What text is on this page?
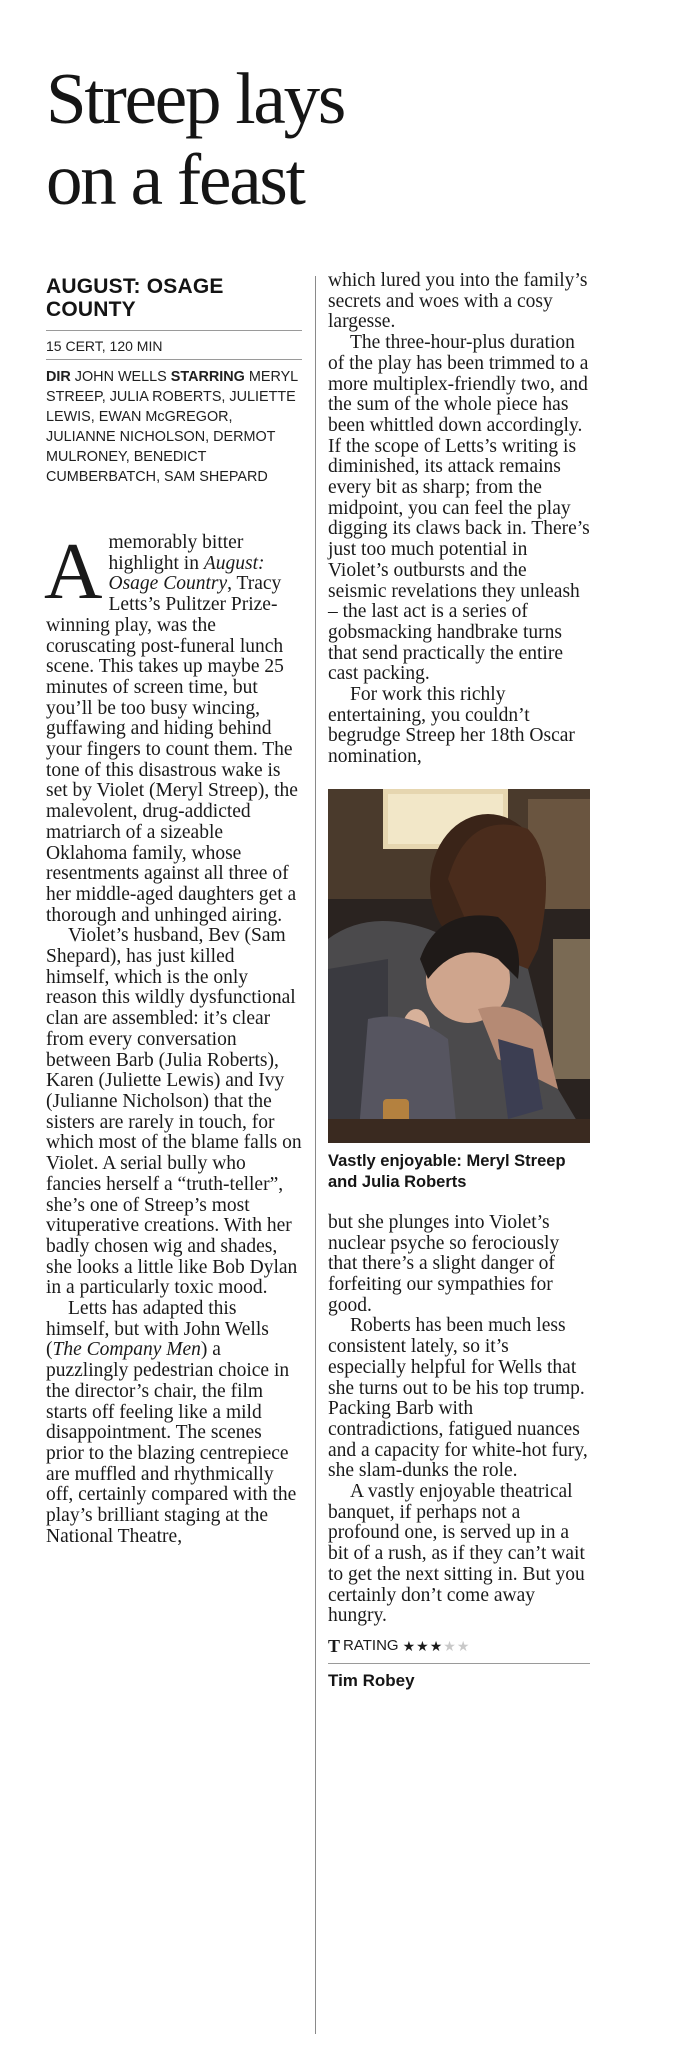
Streep lays
on a feast
AUGUST: OSAGE COUNTY
15 CERT, 120 MIN

DIR JOHN WELLS STARRING MERYL STREEP, JULIA ROBERTS, JULIETTE LEWIS, EWAN McGREGOR, JULIANNE NICHOLSON, DERMOT MULRONEY, BENEDICT CUMBERBATCH, SAM SHEPARD

Amemorably bitter highlight in August: Osage Country, Tracy Letts’s Pulitzer Prize-winning play, was the coruscating post-funeral lunch scene. This takes up maybe 25 minutes of screen time, but you’ll be too busy wincing, guffawing and hiding behind your fingers to count them. The tone of this disastrous wake is set by Violet (Meryl Streep), the malevolent, drug-addicted matriarch of a sizeable Oklahoma family, whose resentments against all three of her middle-aged daughters get a thorough and unhinged airing.

Violet’s husband, Bev (Sam Shepard), has just killed himself, which is the only reason this wildly dysfunctional clan are assembled: it’s clear from every conversation between Barb (Julia Roberts), Karen (Juliette Lewis) and Ivy (Julianne Nicholson) that the sisters are rarely in touch, for which most of the blame falls on Violet. A serial bully who fancies herself a “truth-teller”, she’s one of Streep’s most vituperative creations. With her badly chosen wig and shades, she looks a little like Bob Dylan in a particularly toxic mood.

Letts has adapted this himself, but with John Wells (The Company Men) a puzzlingly pedestrian choice in the director’s chair, the film starts off feeling like a mild disappointment. The scenes prior to the blazing centrepiece are muffled and rhythmically off, certainly compared with the play’s brilliant staging at the National Theatre,

which lured you into the family’s secrets and woes with a cosy largesse.

The three-hour-plus duration of the play has been trimmed to a more multiplex-friendly two, and the sum of the whole piece has been whittled down accordingly. If the scope of Letts’s writing is diminished, its attack remains every bit as sharp; from the midpoint, you can feel the play digging its claws back in. There’s just too much potential in Violet’s outbursts and the seismic revelations they unleash – the last act is a series of gobsmacking handbrake turns that send practically the entire cast packing.

For work this richly entertaining, you couldn’t begrudge Streep her 18th Oscar nomination,

Vastly enjoyable: Meryl Streep and Julia Roberts

but she plunges into Violet’s nuclear psyche so ferociously that there’s a slight danger of forfeiting our sympathies for good.

Roberts has been much less consistent lately, so it’s especially helpful for Wells that she turns out to be his top trump. Packing Barb with contradictions, fatigued nuances and a capacity for white-hot fury, she slam-dunks the role.

A vastly enjoyable theatrical banquet, if perhaps not a profound one, is served up in a bit of a rush, as if they can’t wait to get the next sitting in. But you certainly don’t come away hungry.

T RATING ★★★★★
Tim Robey
